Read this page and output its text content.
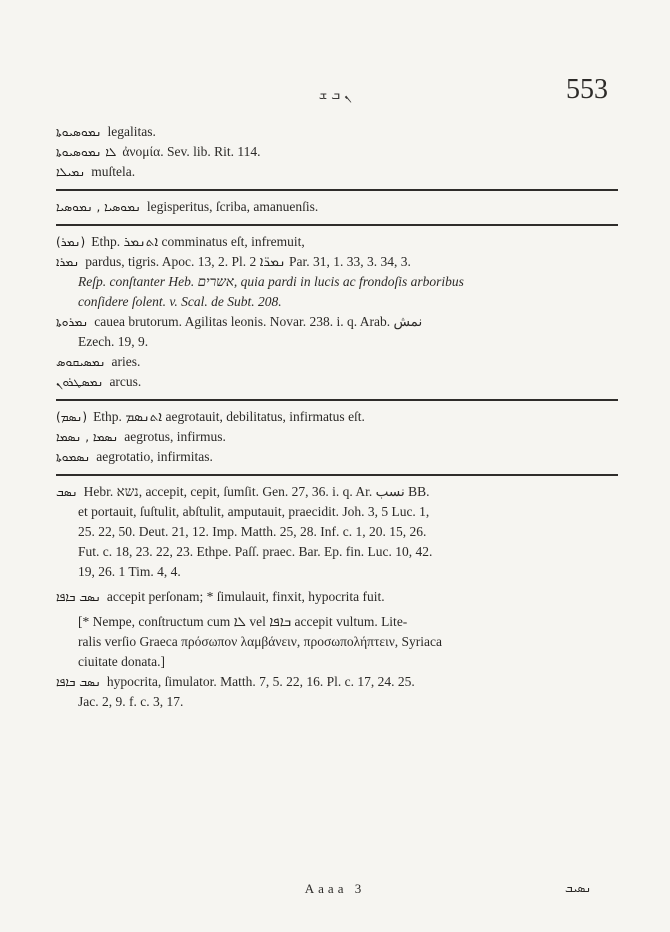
ܢ ܒ ܫ	553
ܢܡܘܣܝܘܬܐ legalitas.
ܠܐ ܢܡܘܣܝܘܬܐ ἀνομία. Sev. lib. Rit. 114.
ܢܡܝܠܐ muſtela.
ܢܡܘܣܝܐ , ܢܡܘܣܝܐ legisperitus, ſcriba, amanuenſis.
(ܢܡܪ) Ethp. ܐܬܢܡܪ comminatus eſt, infremuit,
ܢܡܪܐ pardus, tigris. Apoc. 13, 2. Pl. ܢܡܪ̈ܐ 2 Par. 31, 1. 33, 3. 34, 3.
Reſp. conſtanter Heb. אשרים, quia pardi in lucis ac frondoſis arboribus
conſidere ſolent. v. Scal. de Subt. 208.
ܢܡܪܘܬܐ cauea brutorum. Agilitas leonis. Novar. 238. i. q. Arab. نمش
Ezech. 19, 9.
ܢܡܣܝܩܘܣ aries.
ܢܡܣܛܪܘܢ arcus.
(ܢܣܡ) Ethp. ܐܬܢܣܡ aegrotauit, debilitatus, infirmatus eſt.
ܢܣܡܐ , ܢܣܡܐ aegrotus, infirmus.
ܢܣܡܘܬܐ aegrotatio, infirmitas.
ܢܣܒ Hebr. נשא, accepit, cepit, ſumſit. Gen. 27, 36. i. q. Ar. نسب BB.
et portauit, ſuſtulit, abſtulit, amputauit, praecidit. Joh. 3, 5 Luc. 1,
25. 22, 50. Deut. 21, 12. Imp. Matth. 25, 28. Inf. c. 1, 20. 15, 26.
Fut. c. 18, 23. 22, 23. Ethpe. Paſſ. praec. Bar. Ep. fin. Luc. 10, 42.
19, 26. 1 Tim. 4, 4.
ܢܣܒ ܒܐܦܐ accepit perſonam; * ſimulauit, finxit, hypocrita fuit.
[* Nempe, conſtructum cum ܠܐ vel ܒܐܦܐ accepit vultum. Lite-
ralis verſio Graeca πρόσωπον λαμβάνειν, προσωπολήπτειν, Syriaca
ciuitate donata.]
ܢܣܒ ܒܐܦܐ hypocrita, ſimulator. Matth. 7, 5. 22, 16. Pl. c. 17, 24. 25.
Jac. 2, 9. f. c. 3, 17.
Aaaa 3	ܢܣܝܒ
